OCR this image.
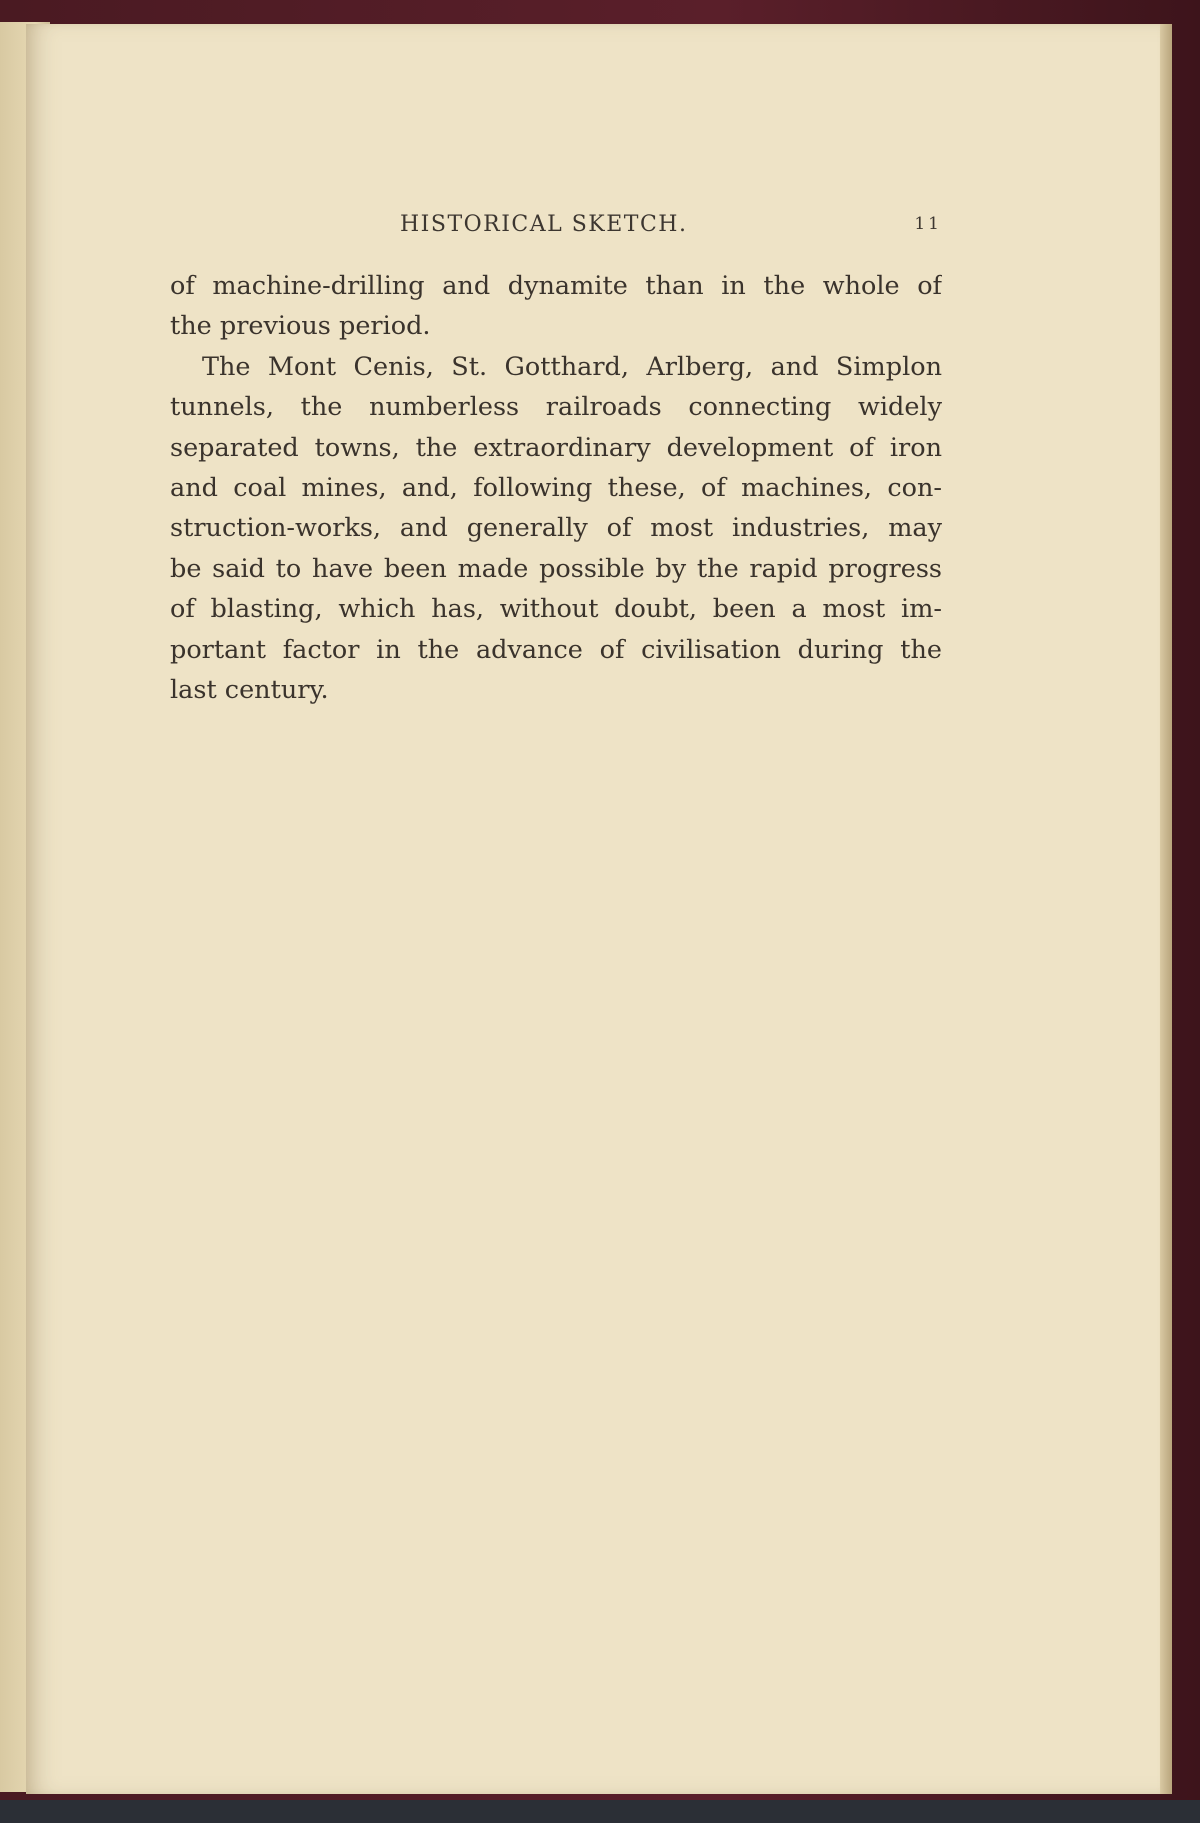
HISTORICAL SKETCH.	11
of machine-drilling and dynamite than in the whole of
the previous period.
The Mont Cenis, St. Gotthard, Arlberg, and Simplon
tunnels, the numberless railroads connecting widely
separated towns, the extraordinary development of iron
and coal mines, and, following these, of machines, con-
struction-works, and generally of most industries, may
be said to have been made possible by the rapid progress
of blasting, which has, without doubt, been a most im-
portant factor in the advance of civilisation during the
last century.
